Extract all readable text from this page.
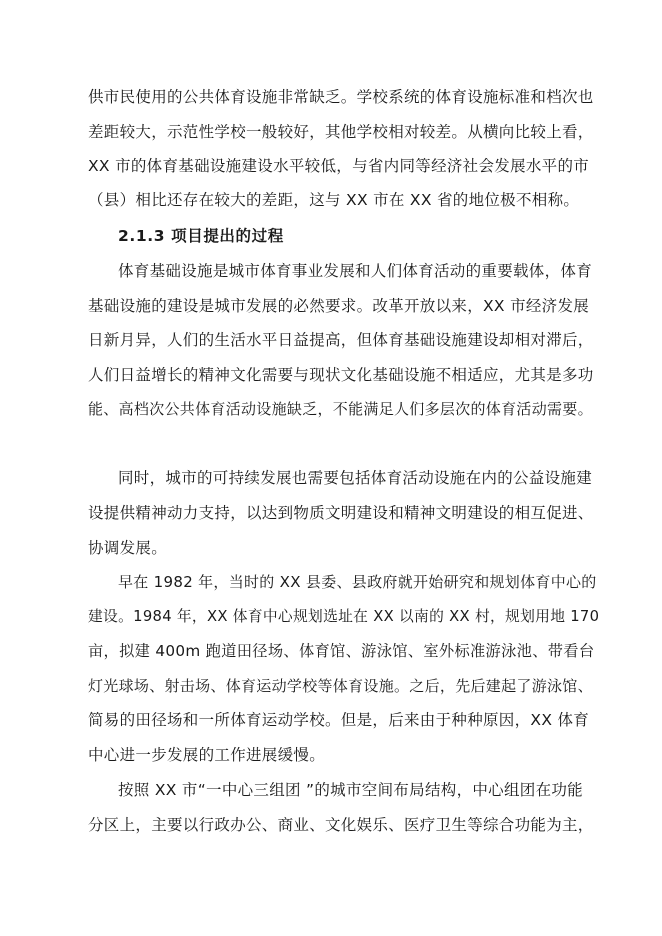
供市民使用的公共体育设施非常缺乏。学校系统的体育设施标准和档次也
差距较大，示范性学校一般较好，其他学校相对较差。从横向比较上看，
XX 市的体育基础设施建设水平较低，与省内同等经济社会发展水平的市
（县）相比还存在较大的差距，这与 XX 市在 XX 省的地位极不相称。
2.1.3 项目提出的过程
体育基础设施是城市体育事业发展和人们体育活动的重要载体，体育
基础设施的建设是城市发展的必然要求。改革开放以来，XX 市经济发展
日新月异，人们的生活水平日益提高，但体育基础设施建设却相对滞后，
人们日益增长的精神文化需要与现状文化基础设施不相适应，尤其是多功
能、高档次公共体育活动设施缺乏，不能满足人们多层次的体育活动需要。
同时，城市的可持续发展也需要包括体育活动设施在内的公益设施建
设提供精神动力支持，以达到物质文明建设和精神文明建设的相互促进、
协调发展。
早在 1982 年，当时的 XX 县委、县政府就开始研究和规划体育中心的
建设。1984 年，XX 体育中心规划选址在 XX 以南的 XX 村，规划用地 170
亩，拟建 400m 跑道田径场、体育馆、游泳馆、室外标准游泳池、带看台
灯光球场、射击场、体育运动学校等体育设施。之后，先后建起了游泳馆、
简易的田径场和一所体育运动学校。但是，后来由于种种原因，XX 体育
中心进一步发展的工作进展缓慢。
按照 XX 市“一中心三组团 ”的城市空间布局结构，中心组团在功能
分区上，主要以行政办公、商业、文化娱乐、医疗卫生等综合功能为主，
